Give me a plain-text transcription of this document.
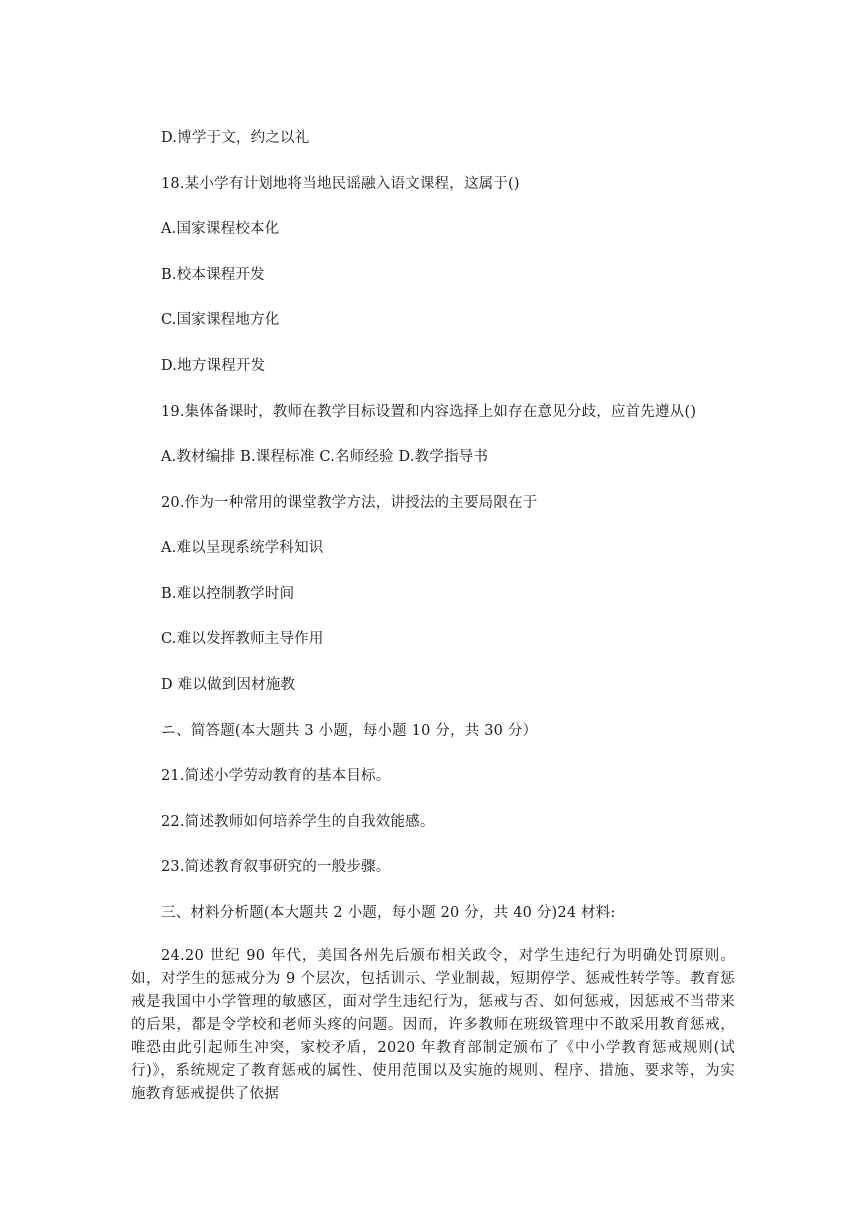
D.博学于文，约之以礼
18.某小学有计划地将当地民谣融入语文课程，这属于()
A.国家课程校本化
B.校本课程开发
C.国家课程地方化
D.地方课程开发
19.集体备课时，教师在教学目标设置和内容选择上如存在意见分歧，应首先遵从()
A.教材编排 B.课程标准 C.名师经验 D.教学指导书
20.作为一种常用的课堂教学方法，讲授法的主要局限在于
A.难以呈现系统学科知识
B.难以控制教学时间
C.难以发挥教师主导作用
D 难以做到因材施教
ニ、简答题(本大题共 3 小题，每小题 10 分，共 30 分）
21.简述小学劳动教育的基本目标。
22.简述教师如何培养学生的自我效能感。
23.简述教育叙事研究的一般步骤。
三、材料分析题(本大题共 2 小题，每小题 20 分，共 40 分)24 材料:
24.20 世纪 90 年代，美国各州先后颁布相关政令，对学生违纪行为明确处罚原则。如，对学生的惩戒分为 9 个层次，包括训示、学业制裁，短期停学、惩戒性转学等。教育惩戒是我国中小学管理的敏感区，面对学生违纪行为，惩戒与否、如何惩戒，因惩戒不当带来的后果，都是令学校和老师头疼的问题。因而，许多教师在班级管理中不敢采用教育惩戒，唯恐由此引起师生冲突，家校矛盾，2020 年教育部制定颁布了《中小学教育惩戒规则(试行)》，系统规定了教育惩戒的属性、使用范围以及实施的规则、程序、措施、要求等，为实施教育惩戒提供了依据
